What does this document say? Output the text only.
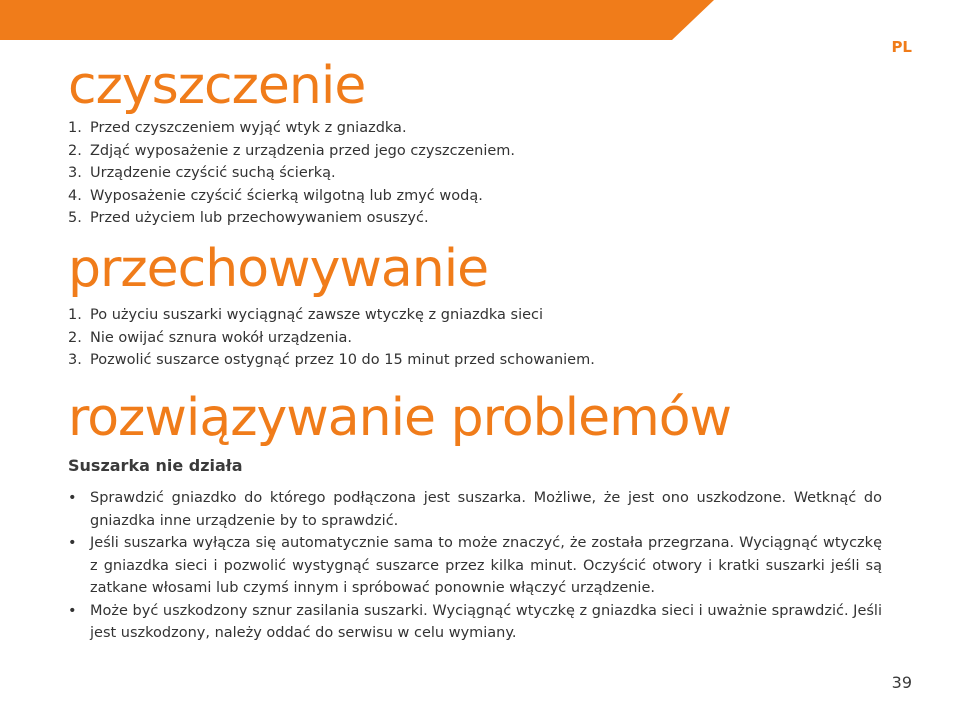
PL
czyszczenie
1. Przed czyszczeniem wyjąć wtyk z gniazdka.
2. Zdjąć wyposażenie z urządzenia przed jego czyszczeniem.
3. Urządzenie czyścić suchą ścierką.
4. Wyposażenie czyścić ścierką wilgotną lub zmyć wodą.
5. Przed użyciem lub przechowywaniem osuszyć.
przechowywanie
1. Po użyciu suszarki wyciągnąć zawsze wtyczkę z gniazdka sieci
2. Nie owijać sznura wokół urządzenia.
3. Pozwolić suszarce ostygnąć przez 10 do 15 minut przed schowaniem.
rozwiązywanie problemów
Suszarka nie działa
• Sprawdzić gniazdko do którego podłączona jest suszarka. Możliwe, że jest ono uszkodzone. Wetknąć do gniazdka inne urządzenie by to sprawdzić.
• Jeśli suszarka wyłącza się automatycznie sama to może znaczyć, że została przegrzana. Wyciągnąć wtyczkę z gniazdka sieci i pozwolić wystygnąć suszarce przez kilka minut. Oczyścić otwory i kratki suszarki jeśli są zatkane włosami lub czymś innym i spróbować ponownie włączyć urządzenie.
• Może być uszkodzony sznur zasilania suszarki. Wyciągnąć wtyczkę z gniazdka sieci i uważnie sprawdzić. Jeśli jest uszkodzony, należy oddać do serwisu w celu wymiany.
39
